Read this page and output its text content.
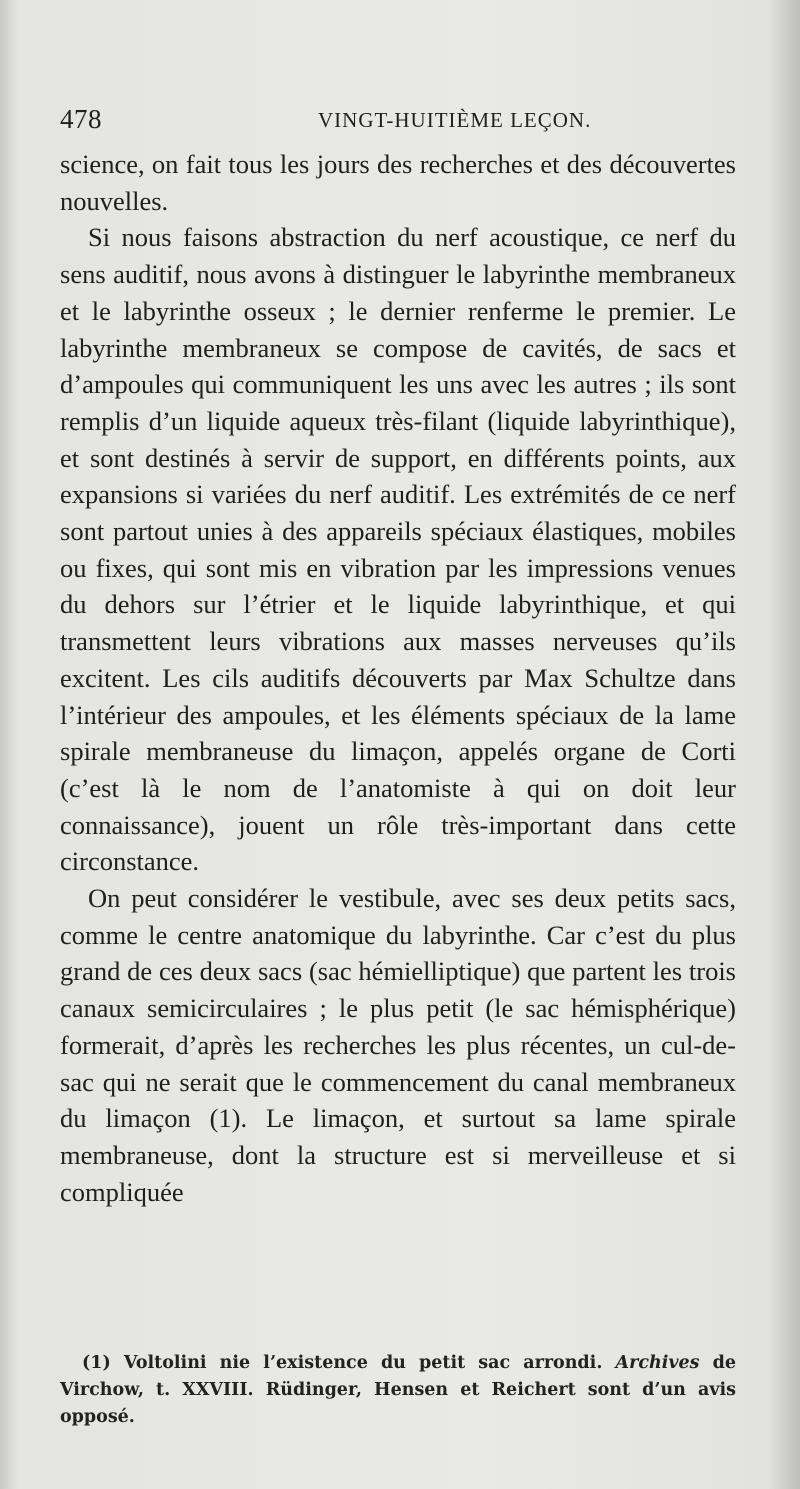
478	VINGT-HUITIÈME LEÇON.

science, on fait tous les jours des recherches et des découvertes nouvelles.

Si nous faisons abstraction du nerf acoustique, ce nerf du sens auditif, nous avons à distinguer le labyrinthe membraneux et le labyrinthe osseux ; le dernier renferme le premier. Le labyrinthe membraneux se compose de cavités, de sacs et d’ampoules qui communiquent les uns avec les autres ; ils sont remplis d’un liquide aqueux très-filant (liquide labyrinthique), et sont destinés à servir de support, en différents points, aux expansions si variées du nerf auditif. Les extrémités de ce nerf sont partout unies à des appareils spéciaux élastiques, mobiles ou fixes, qui sont mis en vibration par les impressions venues du dehors sur l’étrier et le liquide labyrinthique, et qui transmettent leurs vibrations aux masses nerveuses qu’ils excitent. Les cils auditifs découverts par Max Schultze dans l’intérieur des ampoules, et les éléments spéciaux de la lame spirale membraneuse du limaçon, appelés organe de Corti (c’est là le nom de l’anatomiste à qui on doit leur connaissance), jouent un rôle très-important dans cette circonstance.

On peut considérer le vestibule, avec ses deux petits sacs, comme le centre anatomique du labyrinthe. Car c’est du plus grand de ces deux sacs (sac hémielliptique) que partent les trois canaux semicirculaires ; le plus petit (le sac hémisphérique) formerait, d’après les recherches les plus récentes, un cul-de-sac qui ne serait que le commencement du canal membraneux du limaçon (1). Le limaçon, et surtout sa lame spirale membraneuse, dont la structure est si merveilleuse et si compliquée

(1) Voltolini nie l’existence du petit sac arrondi. Archives de Virchow, t. XXVIII. Rüdinger, Hensen et Reichert sont d’un avis opposé.
